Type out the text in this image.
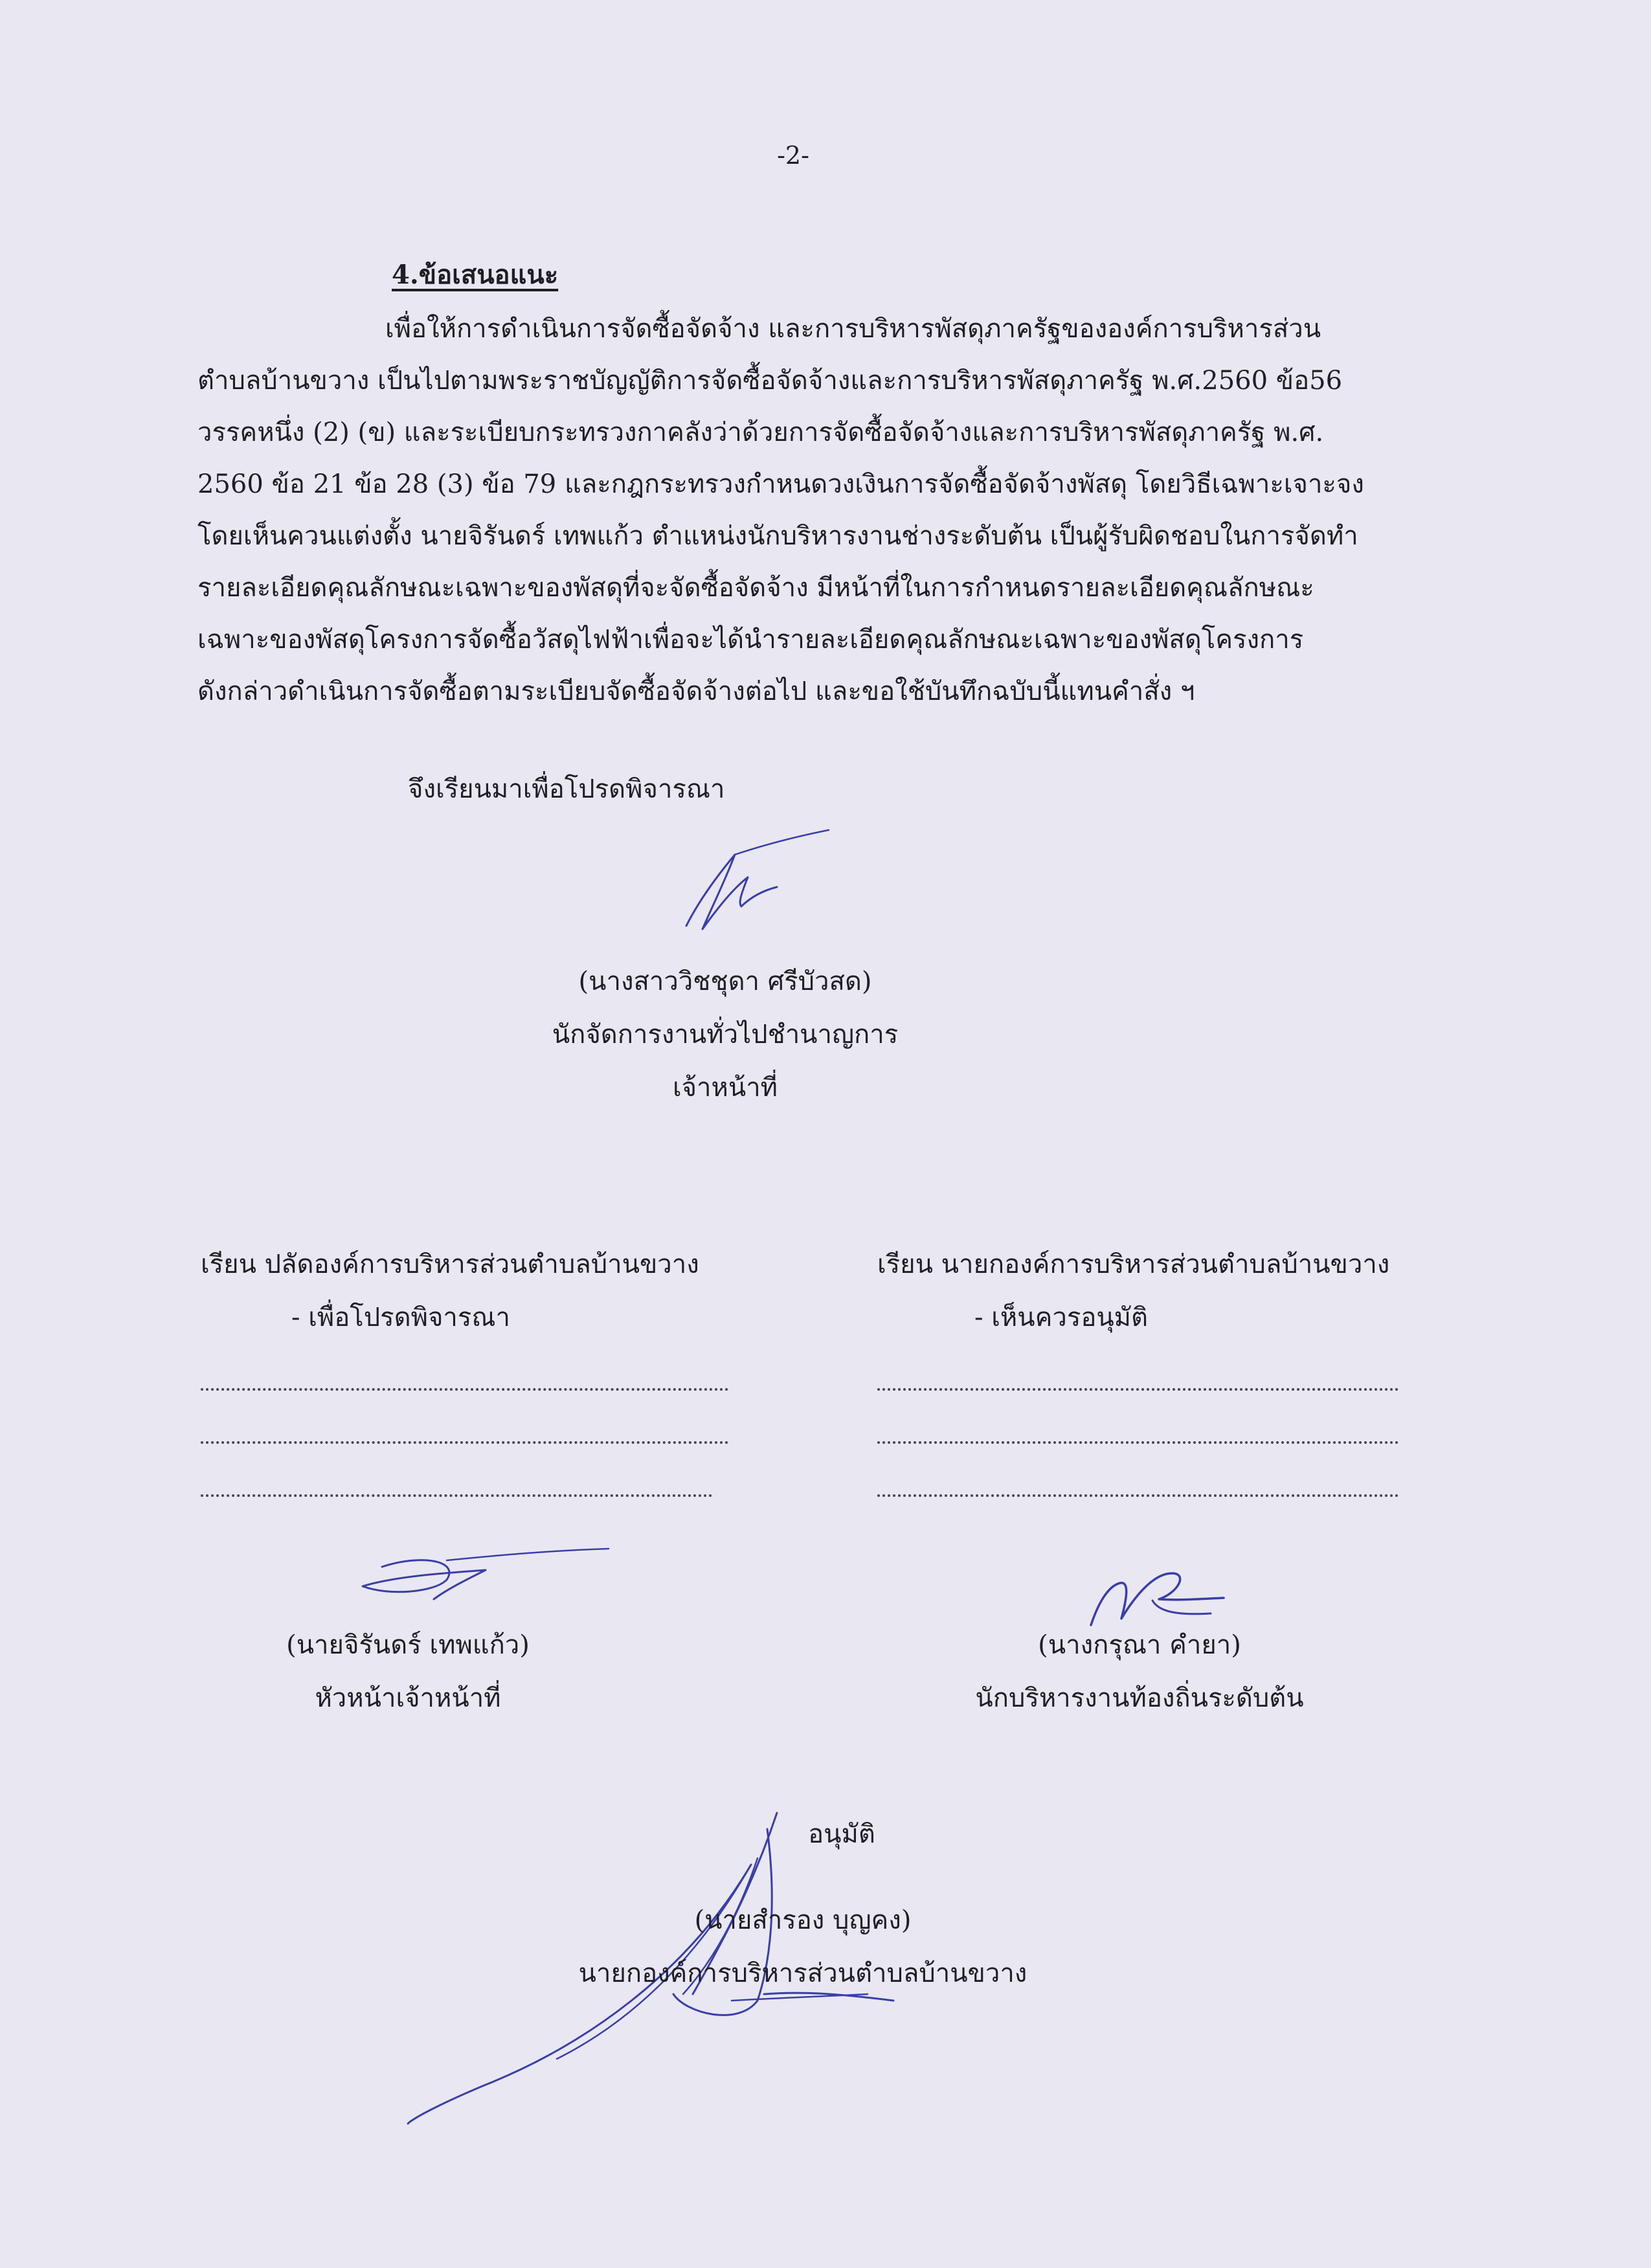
-2-
4.ข้อเสนอแนะ
เพื่อให้การดำเนินการจัดซื้อจัดจ้าง และการบริหารพัสดุภาครัฐขององค์การบริหารส่วน
ตำบลบ้านขวาง เป็นไปตามพระราชบัญญัติการจัดซื้อจัดจ้างและการบริหารพัสดุภาครัฐ พ.ศ.2560 ข้อ56
วรรคหนึ่ง (2) (ข) และระเบียบกระทรวงกาคลังว่าด้วยการจัดซื้อจัดจ้างและการบริหารพัสดุภาครัฐ พ.ศ.
2560 ข้อ 21 ข้อ 28 (3) ข้อ 79 และกฎกระทรวงกำหนดวงเงินการจัดซื้อจัดจ้างพัสดุ โดยวิธีเฉพาะเจาะจง
โดยเห็นควนแต่งตั้ง นายจิรันดร์ เทพแก้ว ตำแหน่งนักบริหารงานช่างระดับต้น เป็นผู้รับผิดชอบในการจัดทำ
รายละเอียดคุณลักษณะเฉพาะของพัสดุที่จะจัดซื้อจัดจ้าง มีหน้าที่ในการกำหนดรายละเอียดคุณลักษณะ
เฉพาะของพัสดุโครงการจัดซื้อวัสดุไฟฟ้าเพื่อจะได้นำรายละเอียดคุณลักษณะเฉพาะของพัสดุโครงการ
ดังกล่าวดำเนินการจัดซื้อตามระเบียบจัดซื้อจัดจ้างต่อไป และขอใช้บันทึกฉบับนี้แทนคำสั่ง ฯ
จึงเรียนมาเพื่อโปรดพิจารณา
(นางสาววิชชุดา ศรีบัวสด)
นักจัดการงานทั่วไปชำนาญการ
เจ้าหน้าที่
เรียน ปลัดองค์การบริหารส่วนตำบลบ้านขวาง
- เพื่อโปรดพิจารณา
(นายจิรันดร์ เทพแก้ว)
หัวหน้าเจ้าหน้าที่
เรียน นายกองค์การบริหารส่วนตำบลบ้านขวาง
- เห็นควรอนุมัติ
(นางกรุณา คำยา)
นักบริหารงานท้องถิ่นระดับต้น
อนุมัติ
(นายสำรอง บุญคง)
นายกองค์การบริหารส่วนตำบลบ้านขวาง
